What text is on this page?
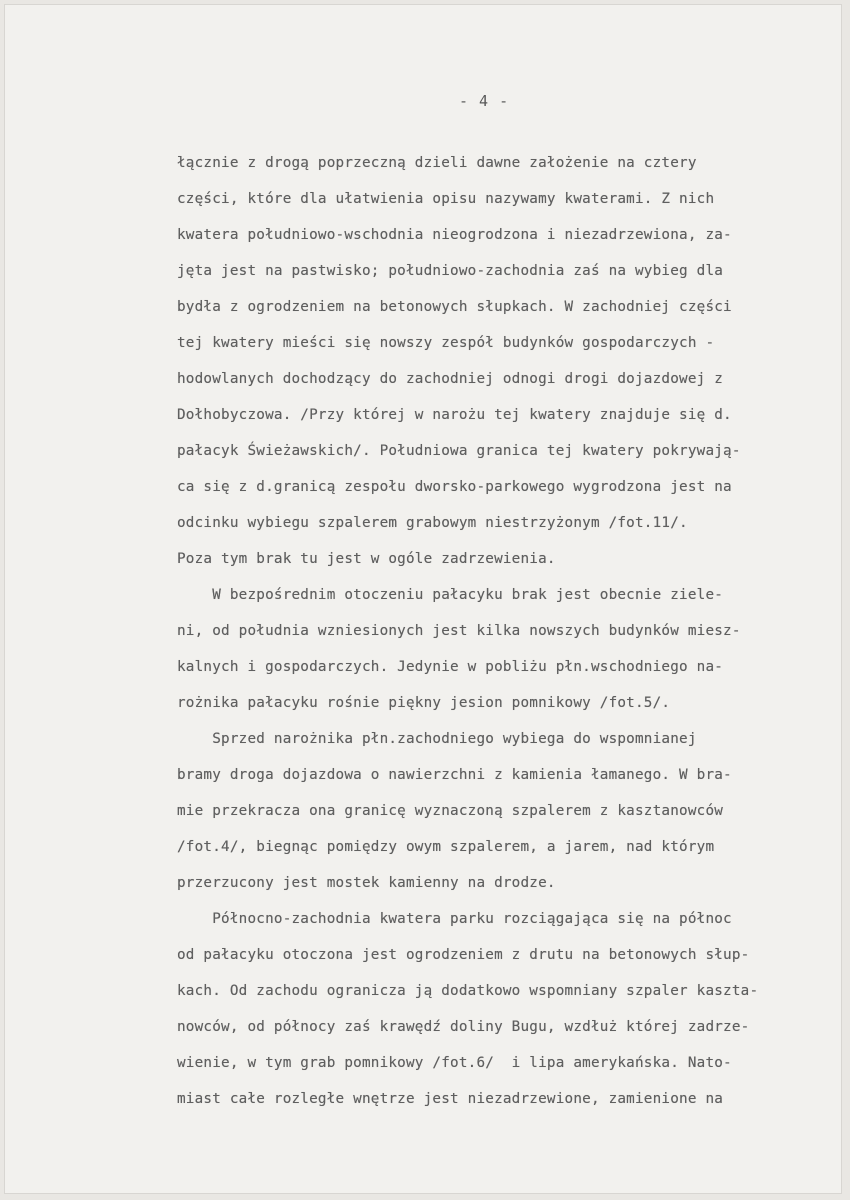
- 4 -
łącznie z drogą poprzeczną dzieli dawne założenie na cztery
części, które dla ułatwienia opisu nazywamy kwaterami. Z nich
kwatera południowo-wschodnia nieogrodzona i niezadrzewiona, za-
jęta jest na pastwisko; południowo-zachodnia zaś na wybieg dla
bydła z ogrodzeniem na betonowych słupkach. W zachodniej części
tej kwatery mieści się nowszy zespół budynków gospodarczych -
hodowlanych dochodzący do zachodniej odnogi drogi dojazdowej z
Dołhobyczowa. /Przy której w narożu tej kwatery znajduje się d.
pałacyk Świeżawskich/. Południowa granica tej kwatery pokrywają-
ca się z d.granicą zespołu dworsko-parkowego wygrodzona jest na
odcinku wybiegu szpalerem grabowym niestrzyżonym /fot.11/.
Poza tym brak tu jest w ogóle zadrzewienia.
W bezpośrednim otoczeniu pałacyku brak jest obecnie ziele-
ni, od południa wzniesionych jest kilka nowszych budynków miesz-
kalnych i gospodarczych. Jedynie w pobliżu płn.wschodniego na-
rożnika pałacyku rośnie piękny jesion pomnikowy /fot.5/.
Sprzed narożnika płn.zachodniego wybiega do wspomnianej
bramy droga dojazdowa o nawierzchni z kamienia łamanego. W bra-
mie przekracza ona granicę wyznaczoną szpalerem z kasztanowców
/fot.4/, biegnąc pomiędzy owym szpalerem, a jarem, nad którym
przerzucony jest mostek kamienny na drodze.
Północno-zachodnia kwatera parku rozciągająca się na północ
od pałacyku otoczona jest ogrodzeniem z drutu na betonowych słup-
kach. Od zachodu ogranicza ją dodatkowo wspomniany szpaler kaszta-
nowców, od północy zaś krawędź doliny Bugu, wzdłuż której zadrze-
wienie, w tym grab pomnikowy /fot.6/  i lipa amerykańska. Nato-
miast całe rozległe wnętrze jest niezadrzewione, zamienione na
